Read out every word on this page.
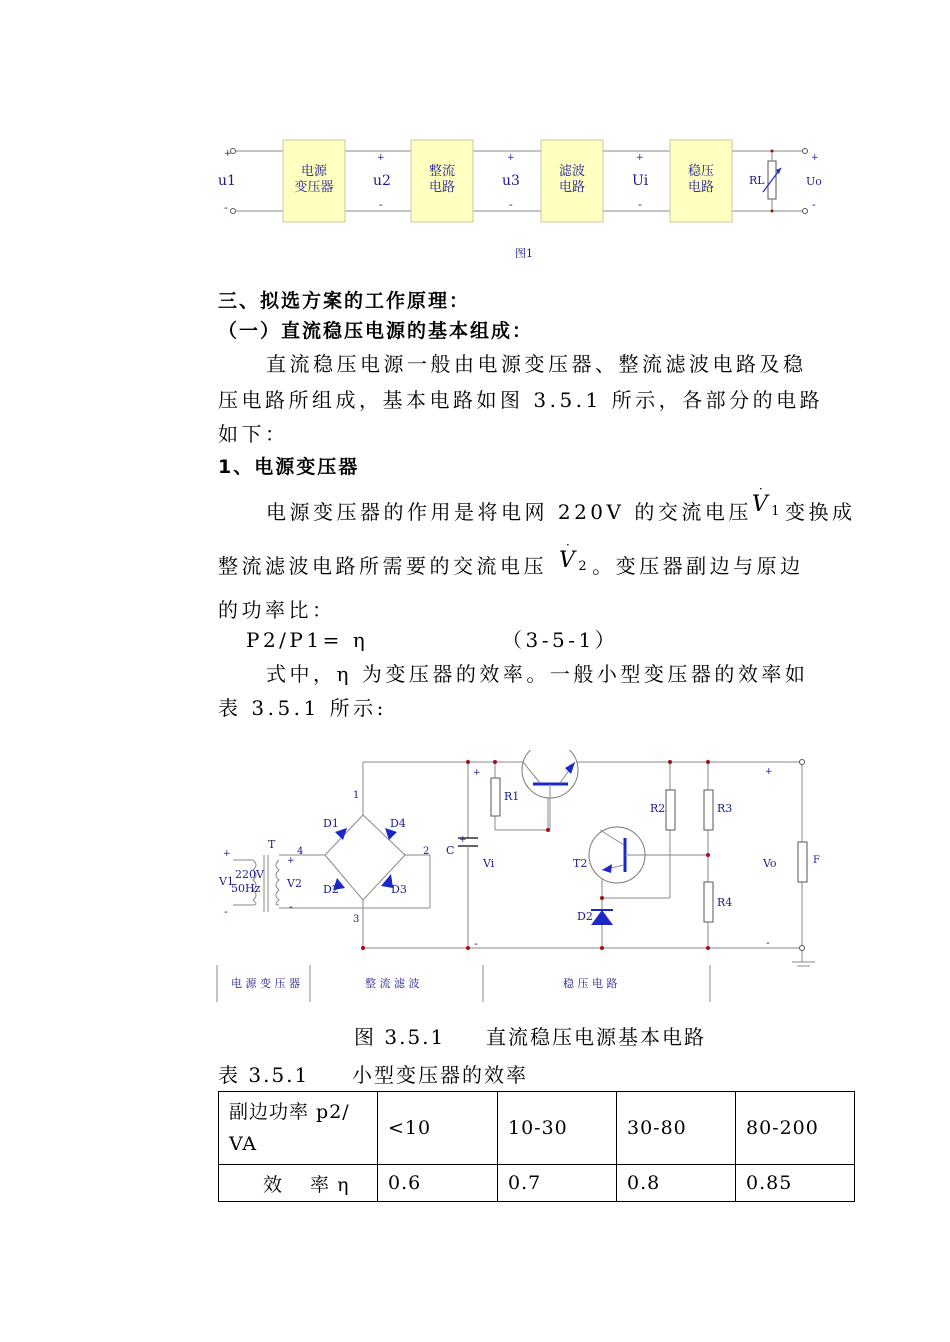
电源
变压器
整流
电路
滤波
电路
稳压
电路
u1	u2	u3	Ui
+
-
+
-
+
-
+
-
+
-
RL	Uo
图1
三、拟选方案的工作原理：
（一）直流稳压电源的基本组成：
直流稳压电源一般由电源变压器、整流滤波电路及稳
压电路所组成，基本电路如图 3.5.1 所示，各部分的电路
如下：
1、电源变压器
电源变压器的作用是将电网 220V 的交流电压V
·
$^1$ 变换成
整流滤波电路所需要的交流电压 V
·
2 。变压器副边与原边
的功率比：
P2/P1= η	（3-5-1）
式中，η 为变压器的效率。一般小型变压器的效率如
表 3.5.1 所示:
T
V1
220V
50Hz V2
1
2
3
4
D1
D2	D3
D4
C
Vi
R1
R2	R3
R4
T2
D2
Vo	F
+
-
+
-
+
+
-
+
-
电 源 变 压 器	整 流 滤 波	稳 压 电 路
图 3.5.1 直流稳压电源基本电路
表 3.5.1 小型变压器的效率
副边功率 p2/
VA	<10	10-30	30-80	80-200
效　 率 η	0.6	0.7	0.8	0.85
